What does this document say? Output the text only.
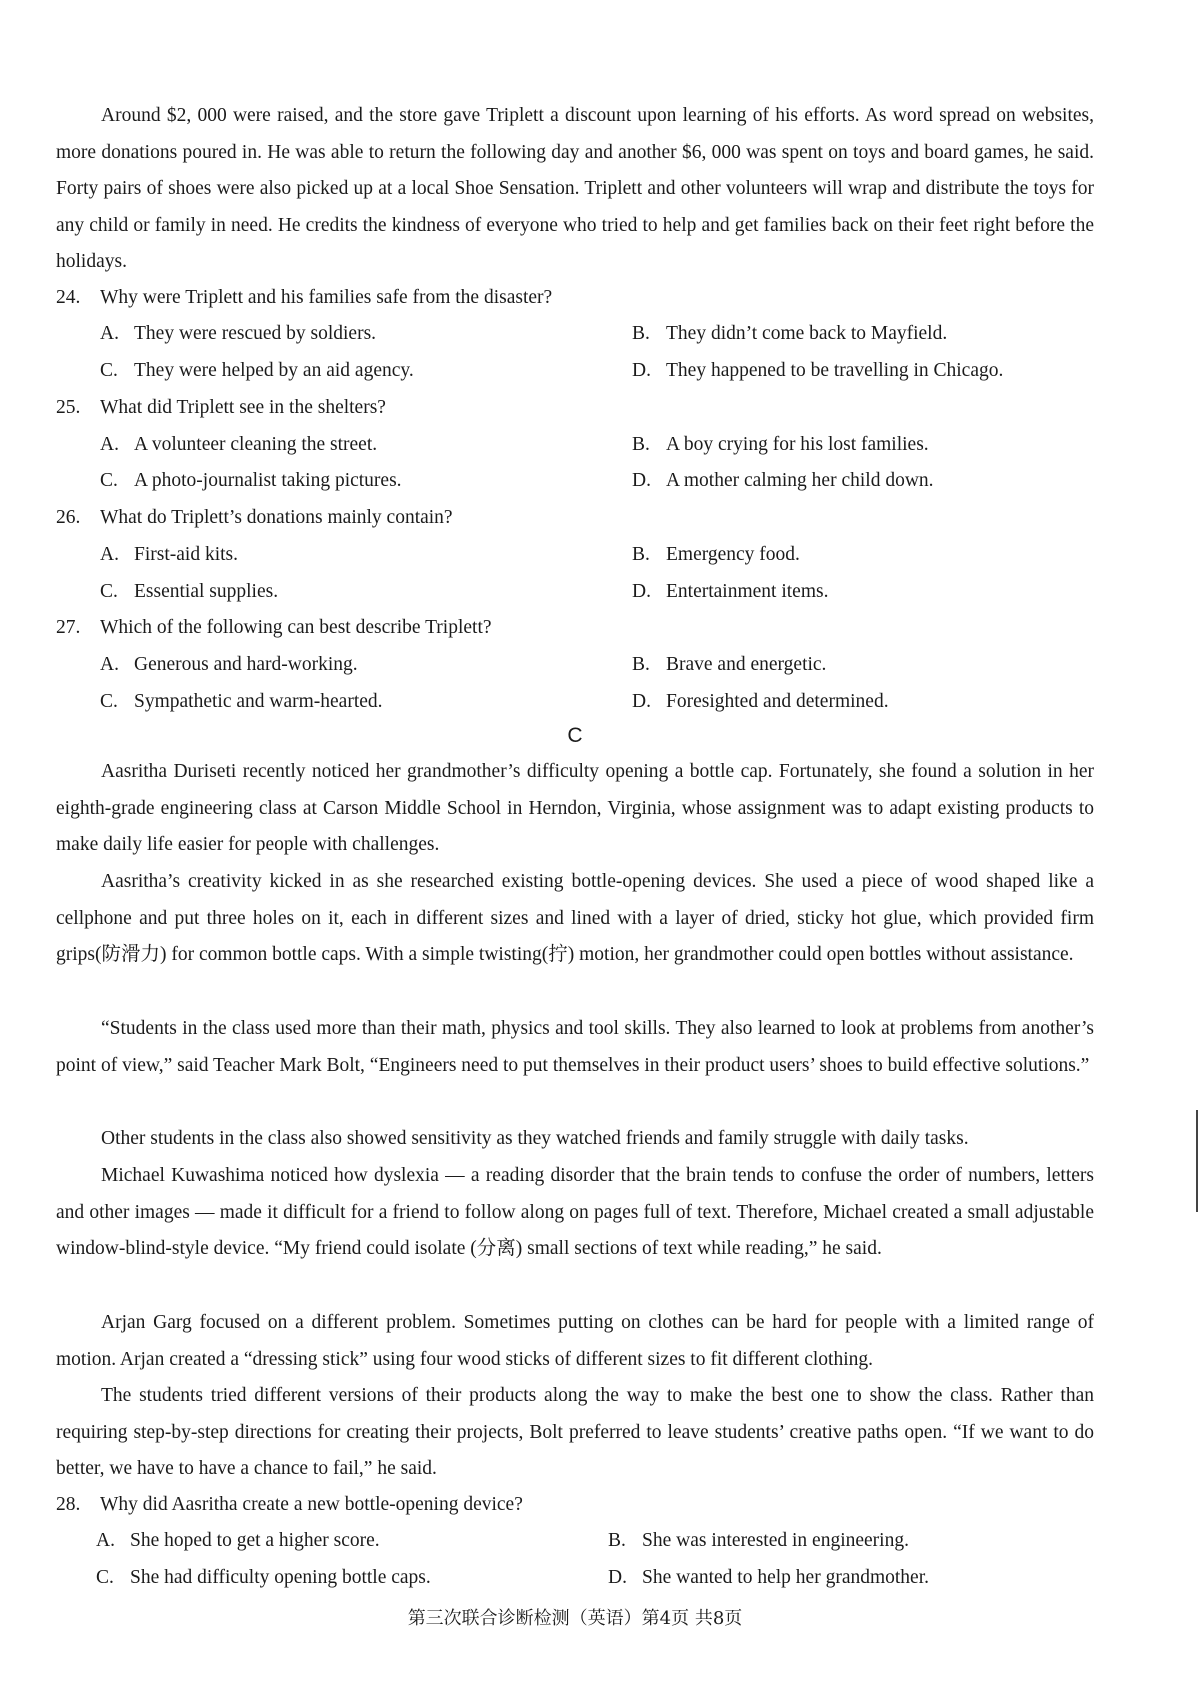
Around $2, 000 were raised, and the store gave Triplett a discount upon learning of his efforts. As word spread on websites, more donations poured in. He was able to return the following day and another $6, 000 was spent on toys and board games, he said. Forty pairs of shoes were also picked up at a local Shoe Sensation. Triplett and other volunteers will wrap and distribute the toys for any child or family in need. He credits the kindness of everyone who tried to help and get families back on their feet right before the holidays.

24. Why were Triplett and his families safe from the disaster?
A. They were rescued by soldiers.	B. They didn’t come back to Mayfield.
C. They were helped by an aid agency.	D. They happened to be travelling in Chicago.
25. What did Triplett see in the shelters?
A. A volunteer cleaning the street.	B. A boy crying for his lost families.
C. A photo-journalist taking pictures.	D. A mother calming her child down.
26. What do Triplett’s donations mainly contain?
A. First-aid kits.	B. Emergency food.
C. Essential supplies.	D. Entertainment items.
27. Which of the following can best describe Triplett?
A. Generous and hard-working.	B. Brave and energetic.
C. Sympathetic and warm-hearted.	D. Foresighted and determined.
C

Aasritha Duriseti recently noticed her grandmother’s difficulty opening a bottle cap. Fortunately, she found a solution in her eighth-grade engineering class at Carson Middle School in Herndon, Virginia, whose assignment was to adapt existing products to make daily life easier for people with challenges.

Aasritha’s creativity kicked in as she researched existing bottle-opening devices. She used a piece of wood shaped like a cellphone and put three holes on it, each in different sizes and lined with a layer of dried, sticky hot glue, which provided firm grips(防滑力) for common bottle caps. With a simple twisting(拧) motion, her grandmother could open bottles without assistance.

“Students in the class used more than their math, physics and tool skills. They also learned to look at problems from another’s point of view,” said Teacher Mark Bolt, “Engineers need to put themselves in their product users’ shoes to build effective solutions.”

Other students in the class also showed sensitivity as they watched friends and family struggle with daily tasks.

Michael Kuwashima noticed how dyslexia — a reading disorder that the brain tends to confuse the order of numbers, letters and other images — made it difficult for a friend to follow along on pages full of text. Therefore, Michael created a small adjustable window-blind-style device. “My friend could isolate (分离) small sections of text while reading,” he said.

Arjan Garg focused on a different problem. Sometimes putting on clothes can be hard for people with a limited range of motion. Arjan created a “dressing stick” using four wood sticks of different sizes to fit different clothing.

The students tried different versions of their products along the way to make the best one to show the class. Rather than requiring step-by-step directions for creating their projects, Bolt preferred to leave students’ creative paths open. “If we want to do better, we have to have a chance to fail,” he said.

28. Why did Aasritha create a new bottle-opening device?
A. She hoped to get a higher score.	B. She was interested in engineering.
C. She had difficulty opening bottle caps.	D. She wanted to help her grandmother.
第三次联合诊断检测（英语）第4页 共8页
